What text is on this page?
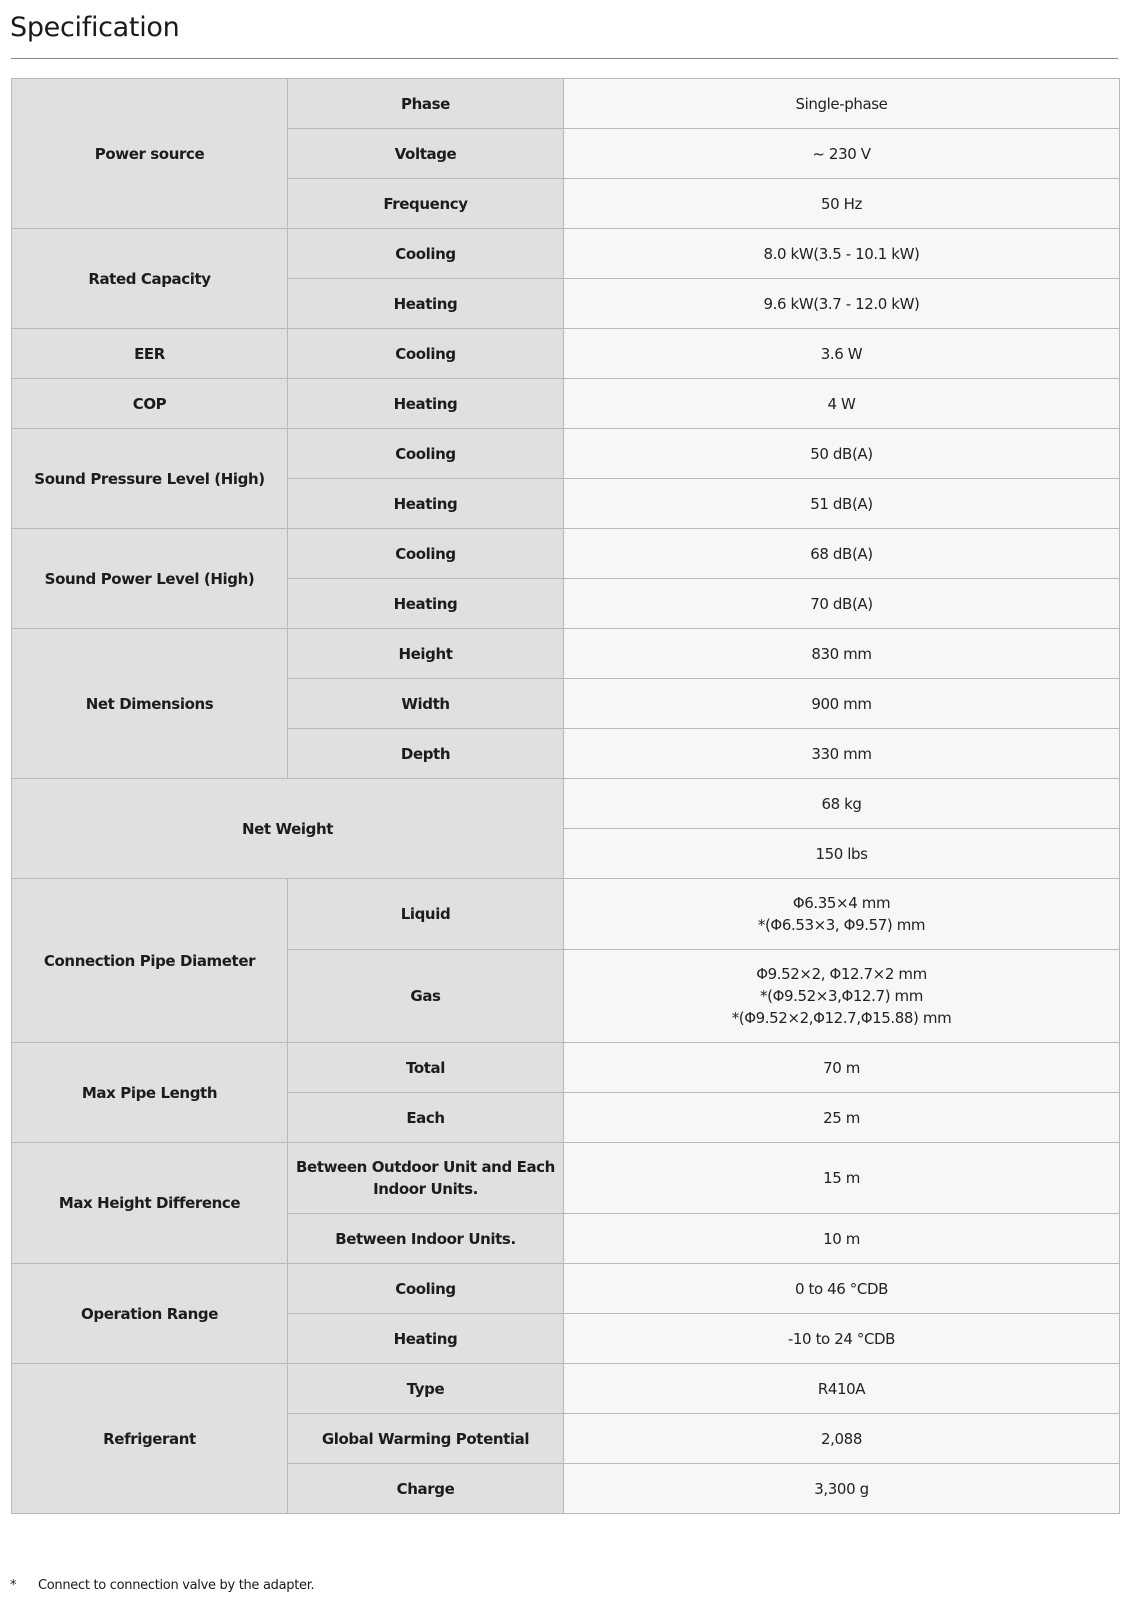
Specification
Power source	Phase	Single-phase

	Voltage	~ 230 V

	Frequency	50 Hz

Rated Capacity	Cooling	8.0 kW(3.5 - 10.1 kW)

	Heating	9.6 kW(3.7 - 12.0 kW)

EER	Cooling	3.6 W

COP	Heating	4 W

Sound Pressure Level (High)	Cooling	50 dB(A)

	Heating	51 dB(A)

Sound Power Level (High)	Cooling	68 dB(A)

	Heating	70 dB(A)

Net Dimensions	Height	830 mm

	Width	900 mm

	Depth	330 mm

Net Weight		68 kg

		150 lbs

Connection Pipe Diameter	Liquid	Φ6.35×4 mm
*(Φ6.53×3, Φ9.57) mm

	Gas	Φ9.52×2, Φ12.7×2 mm
*(Φ9.52×3,Φ12.7) mm
*(Φ9.52×2,Φ12.7,Φ15.88) mm

Max Pipe Length	Total	70 m

	Each	25 m

Max Height Difference	Between Outdoor Unit and Each Indoor Units.	15 m

	Between Indoor Units.	10 m

Operation Range	Cooling	0 to 46 °CDB

	Heating	-10 to 24 °CDB

Refrigerant	Type	R410A

	Global Warming Potential	2,088

	Charge	3,300 g
* Connect to connection valve by the adapter.
